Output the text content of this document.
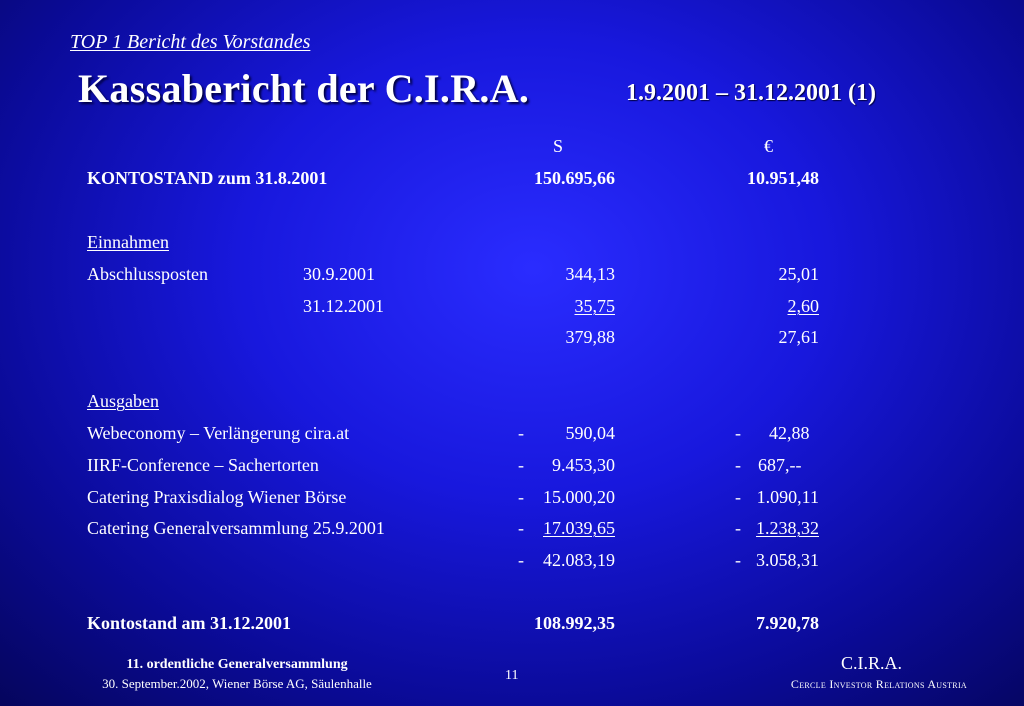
TOP 1 Bericht des Vorstandes
Kassabericht der C.I.R.A.	1.9.2001 – 31.12.2001 (1)
S	€
KONTOSTAND zum 31.8.2001	150.695,66	10.951,48
Einnahmen
Abschlussposten	30.9.2001	344,13	25,01
31.12.2001	35,75	2,60
379,88	27,61
Ausgaben
Webeconomy – Verlängerung cira.at	- 590,04	- 42,88
IIRF-Conference – Sachertorten	- 9.453,30	- 687,--
Catering Praxisdialog Wiener Börse	- 15.000,20	- 1.090,11
Catering Generalversammlung 25.9.2001	- 17.039,65	- 1.238,32
- 42.083,19	- 3.058,31
Kontostand am 31.12.2001	108.992,35	7.920,78
11. ordentliche Generalversammlung
30. September.2002, Wiener Börse AG, Säulenhalle
11
C.I.R.A.
Cercle Investor Relations Austria
